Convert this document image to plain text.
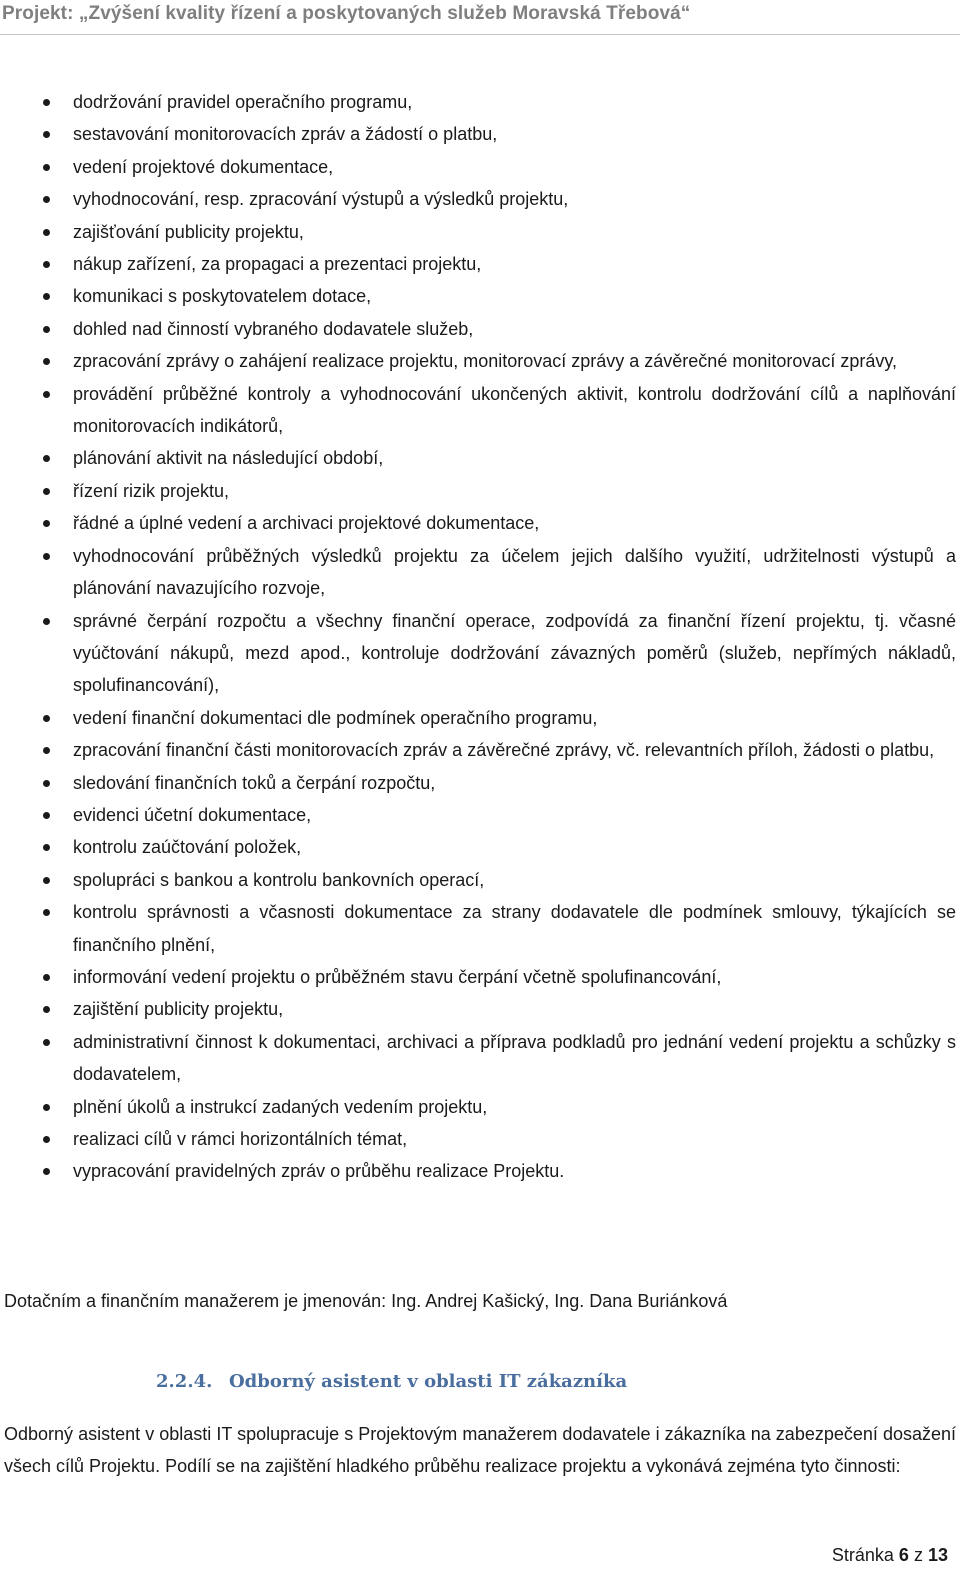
Projekt: „Zvýšení kvality řízení a poskytovaných služeb Moravská Třebová“
dodržování pravidel operačního programu,
sestavování monitorovacích zpráv a žádostí o platbu,
vedení projektové dokumentace,
vyhodnocování, resp. zpracování výstupů a výsledků projektu,
zajišťování publicity projektu,
nákup zařízení, za propagaci a prezentaci projektu,
komunikaci s poskytovatelem dotace,
dohled nad činností vybraného dodavatele služeb,
zpracování zprávy o zahájení realizace projektu, monitorovací zprávy a závěrečné monitorovací zprávy,
provádění průběžné kontroly a vyhodnocování ukončených aktivit, kontrolu dodržování cílů a naplňování monitorovacích indikátorů,
plánování aktivit na následující období,
řízení rizik projektu,
řádné a úplné vedení a archivaci projektové dokumentace,
vyhodnocování průběžných výsledků projektu za účelem jejich dalšího využití, udržitelnosti výstupů a plánování navazujícího rozvoje,
správné čerpání rozpočtu a všechny finanční operace, zodpovídá za finanční řízení projektu, tj. včasné vyúčtování nákupů, mezd apod., kontroluje dodržování závazných poměrů (služeb, nepřímých nákladů, spolufinancování),
vedení finanční dokumentaci dle podmínek operačního programu,
zpracování finanční části monitorovacích zpráv a závěrečné zprávy, vč. relevantních příloh, žádosti o platbu,
sledování finančních toků a čerpání rozpočtu,
evidenci účetní dokumentace,
kontrolu zaúčtování položek,
spolupráci s bankou a kontrolu bankovních operací,
kontrolu správnosti a včasnosti dokumentace za strany dodavatele dle podmínek smlouvy, týkajících se finančního plnění,
informování vedení projektu o průběžném stavu čerpání včetně spolufinancování,
zajištění publicity projektu,
administrativní činnost k dokumentaci, archivaci a příprava podkladů pro jednání vedení projektu a schůzky s dodavatelem,
plnění úkolů a instrukcí zadaných vedením projektu,
realizaci cílů v rámci horizontálních témat,
vypracování pravidelných zpráv o průběhu realizace Projektu.
Dotačním a finančním manažerem je jmenován: Ing. Andrej Kašický, Ing. Dana Buriánková
2.2.4. Odborný asistent v oblasti IT zákazníka
Odborný asistent v oblasti IT spolupracuje s Projektovým manažerem dodavatele i zákazníka na zabezpečení dosažení všech cílů Projektu. Podílí se na zajištění hladkého průběhu realizace projektu a vykonává zejména tyto činnosti:
Stránka 6 z 13
